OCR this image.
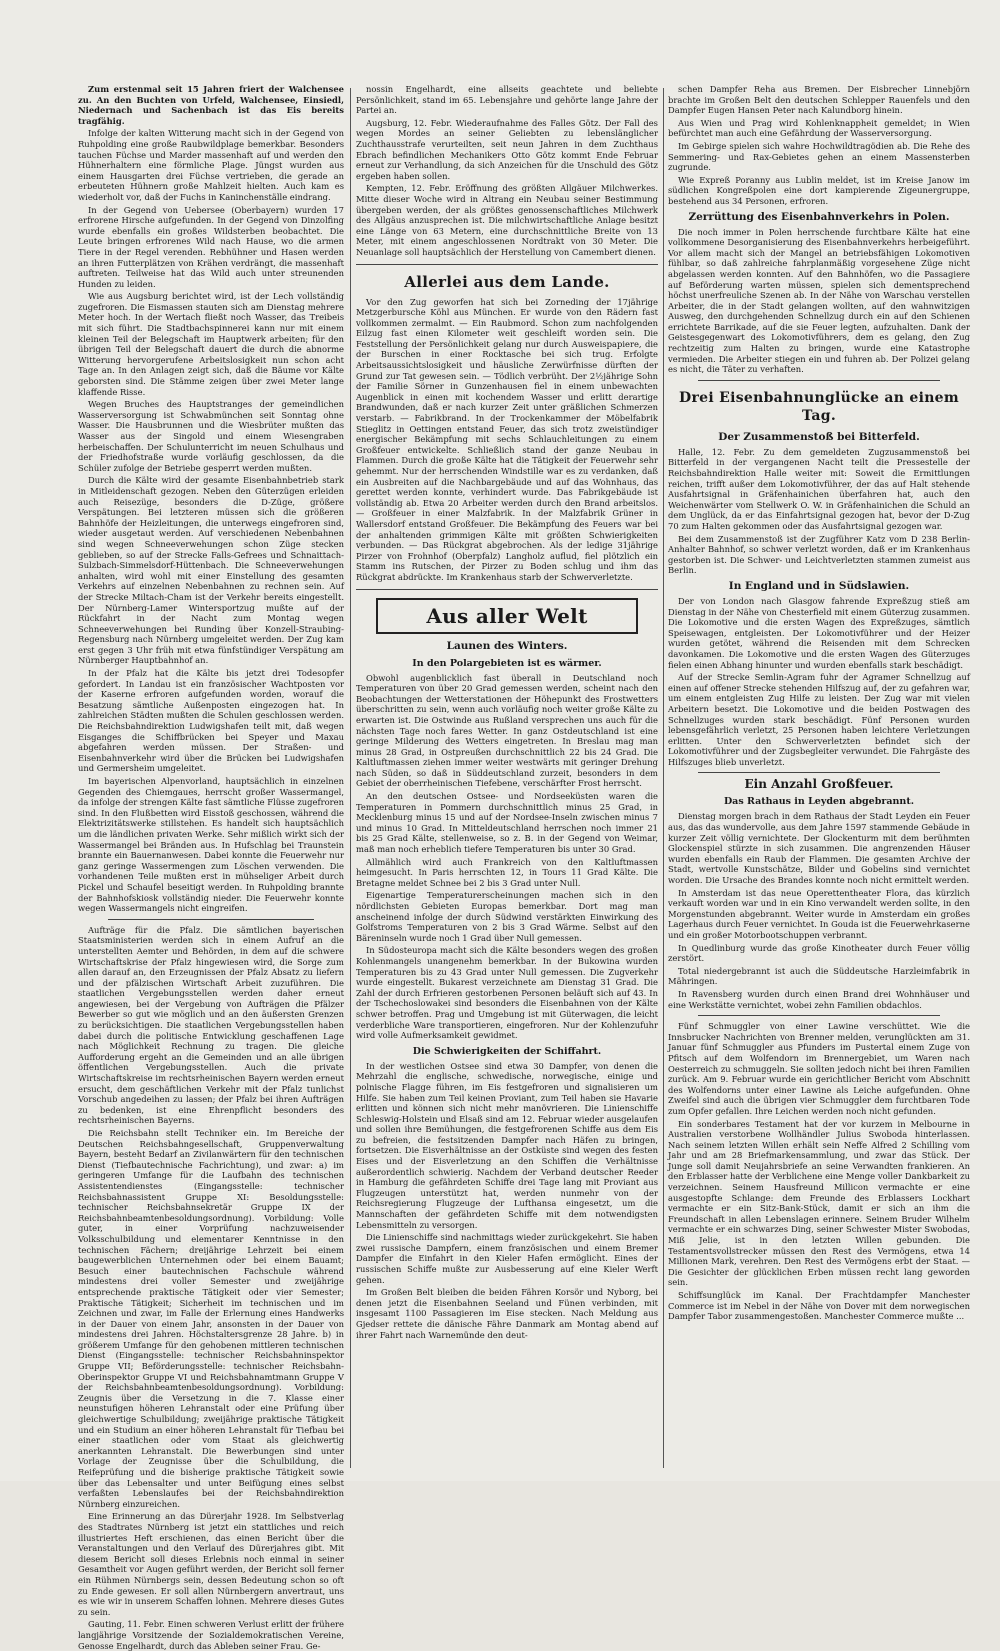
Zum erstenmal seit 15 Jahren friert der Walchensee zu. An den Buchten von Urfeld, Walchensee, Einsiedl, Niedernach und Sachenbach ist das Eis bereits tragfähig.

Infolge der kalten Witterung macht sich in der Gegend von Ruhpolding eine große Raubwildplage bemerkbar. Besonders tauchen Füchse und Marder massenhaft auf und werden den Hühnerhaltern eine förmliche Plage. Jüngst wurden aus einem Hausgarten drei Füchse vertrieben, die gerade an erbeuteten Hühnern große Mahlzeit hielten. Auch kam es wiederholt vor, daß der Fuchs in Kaninchenställe eindrang.

In der Gegend von Uebersee (Oberbayern) wurden 17 erfrorene Hirsche aufgefunden. In der Gegend von Dinzolfing wurde ebenfalls ein großes Wildsterben beobachtet. Die Leute bringen erfrorenes Wild nach Hause, wo die armen Tiere in der Regel verenden. Rebhühner und Hasen werden an ihren Futterplätzen von Krähen verdrängt, die massenhaft auftreten. Teilweise hat das Wild auch unter streunenden Hunden zu leiden.

Wie aus Augsburg berichtet wird, ist der Lech vollständig zugefroren. Die Eismassen stauten sich am Dienstag mehrere Meter hoch. In der Wertach fließt noch Wasser, das Treibeis mit sich führt. Die Stadtbachspinnerei kann nur mit einem kleinen Teil der Belegschaft im Hauptwerk arbeiten; für den übrigen Teil der Belegschaft dauert die durch die abnorme Witterung hervorgerufene Arbeitslosigkeit nun schon acht Tage an. In den Anlagen zeigt sich, daß die Bäume vor Kälte geborsten sind. Die Stämme zeigen über zwei Meter lange klaffende Risse.

Wegen Bruches des Hauptstranges der gemeindlichen Wasserversorgung ist Schwabmünchen seit Sonntag ohne Wasser. Die Hausbrunnen und die Wiesbrüter mußten das Wasser aus der Singold und einem Wiesengraben herbeischaffen. Der Schulunterricht im neuen Schulhaus und der Friedhofstraße wurde vorläufig geschlossen, da die Schüler zufolge der Betriebe gesperrt werden mußten.

Durch die Kälte wird der gesamte Eisenbahnbetrieb stark in Mitleidenschaft gezogen. Neben den Güterzügen erleiden auch Reisezüge, besonders die D-Züge, größere Verspätungen. Bei letzteren müssen sich die größeren Bahnhöfe der Heizleitungen, die unterwegs eingefroren sind, wieder ausgetaut werden. Auf verschiedenen Nebenbahnen sind wegen Schneeverwehungen schon Züge stecken geblieben, so auf der Strecke Falls-Gefrees und Schnaittach-Sulzbach-Simmelsdorf-Hüttenbach. Die Schneeverwehungen anhalten, wird wohl mit einer Einstellung des gesamten Verkehrs auf einzelnen Nebenbahnen zu rechnen sein. Auf der Strecke Miltach-Cham ist der Verkehr bereits eingestellt. Der Nürnberg-Lamer Wintersportzug mußte auf der Rückfahrt in der Nacht zum Montag wegen Schneeverwehungen bei Runding über Konzell-Straubing-Regensburg nach Nürnberg umgeleitet werden. Der Zug kam erst gegen 3 Uhr früh mit etwa fünfstündiger Verspätung am Nürnberger Hauptbahnhof an.

In der Pfalz hat die Kälte bis jetzt drei Todesopfer gefordert. In Landau ist ein französischer Wachtposten vor der Kaserne erfroren aufgefunden worden, worauf die Besatzung sämtliche Außenposten eingezogen hat. In zahlreichen Städten mußten die Schulen geschlossen werden. Die Reichsbahndirektion Ludwigshafen teilt mit, daß wegen Eisganges die Schiffbrücken bei Speyer und Maxau abgefahren werden müssen. Der Straßen- und Eisenbahnverkehr wird über die Brücken bei Ludwigshafen und Germersheim umgeleitet.

Im bayerischen Alpenvorland, hauptsächlich in einzelnen Gegenden des Chiemgaues, herrscht großer Wassermangel, da infolge der strengen Kälte fast sämtliche Flüsse zugefroren sind. In den Flußbetten wird Eisstoß geschossen, während die Elektrizitätswerke stillstehen. Es handelt sich hauptsächlich um die ländlichen privaten Werke. Sehr mißlich wirkt sich der Wassermangel bei Bränden aus. In Hufschlag bei Traunstein brannte ein Bauernanwesen. Dabei konnte die Feuerwehr nur ganz geringe Wassermengen zum Löschen verwenden. Die vorhandenen Teile mußten erst in mühseliger Arbeit durch Pickel und Schaufel beseitigt werden. In Ruhpolding brannte der Bahnhofskiosk vollständig nieder. Die Feuerwehr konnte wegen Wassermangels nicht eingreifen.

Aufträge für die Pfalz. Die sämtlichen bayerischen Staatsministerien werden sich in einem Aufruf an die unterstellten Aemter und Behörden, in dem auf die schwere Wirtschaftskrise der Pfalz hingewiesen wird, die Sorge zum allen darauf an, den Erzeugnissen der Pfalz Absatz zu liefern und der pfälzischen Wirtschaft Arbeit zuzuführen. Die staatlichen Vergebungsstellen werden daher erneut angewiesen, bei der Vergebung von Aufträgen die Pfälzer Bewerber so gut wie möglich und an den äußersten Grenzen zu berücksichtigen. Die staatlichen Vergebungsstellen haben dabei durch die politische Entwicklung geschaffenen Lage nach Möglichkeit Rechnung zu tragen. Die gleiche Aufforderung ergeht an die Gemeinden und an alle übrigen öffentlichen Vergebungsstellen. Auch die private Wirtschaftskreise im rechtsrheinischen Bayern werden erneut ersucht, dem geschäftlichen Verkehr mit der Pfalz tunlichst Vorschub angedeihen zu lassen; der Pfalz bei ihren Aufträgen zu bedenken, ist eine Ehrenpflicht besonders des rechtsrheinischen Bayerns.

Die Reichsbahn stellt Techniker ein. Im Bereiche der Deutschen Reichsbahngesellschaft, Gruppenverwaltung Bayern, besteht Bedarf an Zivilanwärtern für den technischen Dienst (Tiefbautechnische Fachrichtung), und zwar: a) im geringeren Umfange für die Laufbahn des technischen Assistentendienstes (Eingangsstelle: technischer Reichsbahnassistent Gruppe XI: Besoldungsstelle: technischer Reichsbahnsekretär Gruppe IX der Reichsbahnbeamtenbesoldungsordnung). Vorbildung: Volle guter, in einer Vorprüfung nachzuweisender Volksschulbildung und elementarer Kenntnisse in den technischen Fächern; dreijährige Lehrzeit bei einem baugewerblichen Unternehmen oder bei einem Bauamt; Besuch einer bautechnischen Fachschule während mindestens drei voller Semester und zweijährige entsprechende praktische Tätigkeit oder vier Semester; Praktische Tätigkeit; Sicherheit im technischen und im Zeichnen und zwar, im Falle der Erlernung eines Handwerks in der Dauer von einem Jahr, ansonsten in der Dauer von mindestens drei Jahren. Höchstaltersgrenze 28 Jahre. b) in größerem Umfange für den gehobenen mittleren technischen Dienst (Eingangsstelle: technischer Reichsbahninspektor Gruppe VII; Beförderungsstelle: technischer Reichsbahn-Oberinspektor Gruppe VI und Reichsbahnamtmann Gruppe V der Reichsbahnbeamtenbesoldungsordnung). Vorbildung: Zeugnis über die Versetzung in die 7. Klasse einer neunstufigen höheren Lehranstalt oder eine Prüfung über gleichwertige Schulbildung; zweijährige praktische Tätigkeit und ein Studium an einer höheren Lehranstalt für Tiefbau bei einer staatlichen oder vom Staat als gleichwertig anerkannten Lehranstalt. Die Bewerbungen sind unter Vorlage der Zeugnisse über die Schulbildung, die Reifeprüfung und die bisherige praktische Tätigkeit sowie über das Lebensalter und unter Beifügung eines selbst verfaßten Lebenslaufes bei der Reichsbahndirektion Nürnberg einzureichen.

Eine Erinnerung an das Dürerjahr 1928. Im Selbstverlag des Stadtrates Nürnberg ist jetzt ein stattliches und reich illustriertes Heft erschienen, das einen Bericht über die Veranstaltungen und den Verlauf des Dürerjahres gibt. Mit diesem Bericht soll dieses Erlebnis noch einmal in seiner Gesamtheit vor Augen geführt werden, der Bericht soll ferner ein Rühmen Nürnbergs sein, dessen Bedeutung schon so oft zu Ende gewesen. Er soll allen Nürnbergern anvertraut, uns es wie wir in unserem Schaffen lohnen. Mehrere dieses Gutes zu sein.

Gauting, 11. Febr. Einen schweren Verlust erlitt der frühere langjährige Vorsitzende der Sozialdemokratischen Vereine, Genosse Engelhardt, durch das Ableben seiner Frau. Ge-

nossin Engelhardt, eine allseits geachtete und beliebte Persönlichkeit, stand im 65. Lebensjahre und gehörte lange Jahre der Partei an.

Augsburg, 12. Febr. Wiederaufnahme des Falles Götz. Der Fall des wegen Mordes an seiner Geliebten zu lebenslänglicher Zuchthausstrafe verurteilten, seit neun Jahren in dem Zuchthaus Ebrach befindlichen Mechanikers Otto Götz kommt Ende Februar erneut zur Verhandlung, da sich Anzeichen für die Unschuld des Götz ergeben haben sollen.

Kempten, 12. Febr. Eröffnung des größten Allgäuer Milchwerkes. Mitte dieser Woche wird in Altrang ein Neubau seiner Bestimmung übergeben werden, der als größtes genossenschaftliches Milchwerk des Allgäus anzusprechen ist. Die milchwirtschaftliche Anlage besitzt eine Länge von 63 Metern, eine durchschnittliche Breite von 13 Meter, mit einem angeschlossenen Nordtrakt von 30 Meter. Die Neuanlage soll hauptsächlich der Herstellung von Camembert dienen.

Allerlei aus dem Lande.

Vor den Zug geworfen hat sich bei Zorneding der 17jährige Metzgerbursche Köhl aus München. Er wurde von den Rädern fast vollkommen zermalmt. — Ein Raubmord. Schon zum nachfolgenden Eilzug fast einen Kilometer weit geschleift worden sein. Die Feststellung der Persönlichkeit gelang nur durch Ausweispapiere, die der Burschen in einer Rocktasche bei sich trug. Erfolgte Arbeitsaussichtslosigkeit und häusliche Zerwürfnisse dürften der Grund zur Tat gewesen sein. — Tödlich verbrüht. Der 2½jährige Sohn der Familie Sörner in Gunzenhausen fiel in einem unbewachten Augenblick in einen mit kochendem Wasser und erlitt derartige Brandwunden, daß er nach kurzer Zeit unter gräßlichen Schmerzen verstarb. — Fabrikbrand. In der Trockenkammer der Möbelfabrik Stieglitz in Oettingen entstand Feuer, das sich trotz zweistündiger energischer Bekämpfung mit sechs Schlauchleitungen zu einem Großfeuer entwickelte. Schließlich stand der ganze Neubau in Flammen. Durch die große Kälte hat die Tätigkeit der Feuerwehr sehr gehemmt. Nur der herrschenden Windstille war es zu verdanken, daß ein Ausbreiten auf die Nachbargebäude und auf das Wohnhaus, das gerettet werden konnte, verhindert wurde. Das Fabrikgebäude ist vollständig ab. Etwa 20 Arbeiter werden durch den Brand arbeitslos. — Großfeuer in einer Malzfabrik. In der Malzfabrik Grüner in Wallersdorf entstand Großfeuer. Die Bekämpfung des Feuers war bei der anhaltenden grimmigen Kälte mit größten Schwierigkeiten verbunden. — Das Rückgrat abgebrochen. Als der ledige 31jährige Pirzer von Frohnhof (Oberpfalz) Langholz auflud, fiel plötzlich ein Stamm ins Rutschen, der Pirzer zu Boden schlug und ihm das Rückgrat abdrückte. Im Krankenhaus starb der Schwerverletzte.

Aus aller Welt
Launen des Winters.
In den Polargebieten ist es wärmer.

Obwohl augenblicklich fast überall in Deutschland noch Temperaturen von über 20 Grad gemessen werden, scheint nach den Beobachtungen der Wetterstationen der Höhepunkt des Frostwetters überschritten zu sein, wenn auch vorläufig noch weiter große Kälte zu erwarten ist. Die Ostwinde aus Rußland versprechen uns auch für die nächsten Tage noch fares Wetter. In ganz Ostdeutschland ist eine geringe Milderung des Wetters eingetreten. In Breslau mag man minus 28 Grad, in Ostpreußen durchschnittlich 22 bis 24 Grad. Die Kaltluftmassen ziehen immer weiter westwärts mit geringer Drehung nach Süden, so daß in Süddeutschland zurzeit, besonders in dem Gebiet der oberrheinischen Tiefebene, verschärfter Frost herrscht.

An den deutschen Ostsee- und Nordseeküsten waren die Temperaturen in Pommern durchschnittlich minus 25 Grad, in Mecklenburg minus 15 und auf der Nordsee-Inseln zwischen minus 7 und minus 10 Grad. In Mitteldeutschland herrschen noch immer 21 bis 25 Grad Kälte, stellenweise, so z. B. in der Gegend von Weimar, maß man noch erheblich tiefere Temperaturen bis unter 30 Grad.

Allmählich wird auch Frankreich von den Kaltluftmassen heimgesucht. In Paris herrschten 12, in Tours 11 Grad Kälte. Die Bretagne meldet Schnee bei 2 bis 3 Grad unter Null.

Eigenartige Temperaturerscheinungen machen sich in den nördlichsten Gebieten Europas bemerkbar. Dort mag man anscheinend infolge der durch Südwind verstärkten Einwirkung des Golfstroms Temperaturen von 2 bis 3 Grad Wärme. Selbst auf den Bäreninseln wurde noch 1 Grad über Null gemessen.

In Südosteuropa macht sich die Kälte besonders wegen des großen Kohlenmangels unangenehm bemerkbar. In der Bukowina wurden Temperaturen bis zu 43 Grad unter Null gemessen. Die Zugverkehr wurde eingestellt. Bukarest verzeichnete am Dienstag 31 Grad. Die Zahl der durch Erfrieren gestorbenen Personen beläuft sich auf 43. In der Tschechoslowakei sind besonders die Eisenbahnen von der Kälte schwer betroffen. Prag und Umgebung ist mit Güterwagen, die leicht verderbliche Ware transportieren, eingefroren. Nur der Kohlenzufuhr wird volle Aufmerksamkeit gewidmet.

Die Schwierigkeiten der Schiffahrt.

In der westlichen Ostsee sind etwa 30 Dampfer, von denen die Mehrzahl die englische, schwedische, norwegische, einige und polnische Flagge führen, im Eis festgefroren und signalisieren um Hilfe. Sie haben zum Teil keinen Proviant, zum Teil haben sie Havarie erlitten und können sich nicht mehr manövrieren. Die Linienschiffe Schleswig-Holstein und Elsaß sind am 12. Februar wieder ausgelaufen und sollen ihre Bemühungen, die festgefrorenen Schiffe aus dem Eis zu befreien, die festsitzenden Dampfer nach Häfen zu bringen, fortsetzen. Die Eisverhältnisse an der Ostküste sind wegen des festen Eises und der Eisverletzung an den Schiffen die Verhältnisse außerordentlich schwierig. Nachdem der Verband deutscher Reeder in Hamburg die gefährdeten Schiffe drei Tage lang mit Proviant aus Flugzeugen unterstützt hat, werden nunmehr von der Reichsregierung Flugzeuge der Lufthansa eingesetzt, um die Mannschaften der gefährdeten Schiffe mit dem notwendigsten Lebensmitteln zu versorgen.

Die Linienschiffe sind nachmittags wieder zurückgekehrt. Sie haben zwei russische Dampfern, einem französischen und einem Bremer Dampfer die Einfahrt in den Kieler Hafen ermöglicht. Eines der russischen Schiffe mußte zur Ausbesserung auf eine Kieler Werft gehen.

Im Großen Belt bleiben die beiden Fähren Korsör und Nyborg, bei denen jetzt die Eisenbahnen Seeland und Fünen verbinden, mit insgesamt 1100 Passagieren im Eise stecken. Nach Meldung aus Gjedser rettete die dänische Fähre Danmark am Montag abend auf ihrer Fahrt nach Warnemünde den deut-

schen Dampfer Reha aus Bremen. Der Eisbrecher Linnebjörn brachte im Großen Belt den deutschen Schlepper Rauenfels und den Dampfer Eugen Hansen Peter nach Kalundborg hinein.

Aus Wien und Prag wird Kohlenknappheit gemeldet; in Wien befürchtet man auch eine Gefährdung der Wasserversorgung.

Im Gebirge spielen sich wahre Hochwildtragödien ab. Die Rehe des Semmering- und Rax-Gebietes gehen an einem Massensterben zugrunde.

Wie Expreß Poranny aus Lublin meldet, ist im Kreise Janow im südlichen Kongreßpolen eine dort kampierende Zigeunergruppe, bestehend aus 34 Personen, erfroren.

Zerrüttung des Eisenbahnverkehrs in Polen.

Die noch immer in Polen herrschende furchtbare Kälte hat eine vollkommene Desorganisierung des Eisenbahnverkehrs herbeigeführt. Vor allem macht sich der Mangel an betriebsfähigen Lokomotiven fühlbar, so daß zahlreiche fahrplanmäßig vorgesehene Züge nicht abgelassen werden konnten. Auf den Bahnhöfen, wo die Passagiere auf Beförderung warten müssen, spielen sich dementsprechend höchst unerfreuliche Szenen ab. In der Nähe von Warschau verstellen Arbeiter, die in der Stadt gelangen wollten, auf den wahnwitzigen Ausweg, den durchgehenden Schnellzug durch ein auf den Schienen errichtete Barrikade, auf die sie Feuer legten, aufzuhalten. Dank der Geistesgegenwart des Lokomotivführers, dem es gelang, den Zug rechtzeitig zum Halten zu bringen, wurde eine Katastrophe vermieden. Die Arbeiter stiegen ein und fuhren ab. Der Polizei gelang es nicht, die Täter zu verhaften.

Drei Eisenbahnunglücke an einem Tag.
Der Zusammenstoß bei Bitterfeld.

Halle, 12. Febr. Zu dem gemeldeten Zugzusammenstoß bei Bitterfeld in der vergangenen Nacht teilt die Pressestelle der Reichsbahndirektion Halle weiter mit: Soweit die Ermittlungen reichen, trifft außer dem Lokomotivführer, der das auf Halt stehende Ausfahrtsignal in Gräfenhainichen überfahren hat, auch den Weichenwärter vom Stellwerk O. W. in Gräfenhainichen die Schuld an dem Unglück, da er das Einfahrtsignal gezogen hat, bevor der D-Zug 70 zum Halten gekommen oder das Ausfahrtsignal gezogen war.

Bei dem Zusammenstoß ist der Zugführer Katz vom D 238 Berlin-Anhalter Bahnhof, so schwer verletzt worden, daß er im Krankenhaus gestorben ist. Die Schwer- und Leichtverletzten stammen zumeist aus Berlin.

In England und in Südslawien.

Der von London nach Glasgow fahrende Expreßzug stieß am Dienstag in der Nähe von Chesterfield mit einem Güterzug zusammen. Die Lokomotive und die ersten Wagen des Expreßzuges, sämtlich Speisewagen, entgleisten. Der Lokomotivführer und der Heizer wurden getötet, während die Reisenden mit dem Schrecken davonkamen. Die Lokomotive und die ersten Wagen des Güterzuges fielen einen Abhang hinunter und wurden ebenfalls stark beschädigt.

Auf der Strecke Semlin-Agram fuhr der Agramer Schnellzug auf einen auf offener Strecke stehenden Hilfszug auf, der zu gefahren war, um einem entgleisten Zug Hilfe zu leisten. Der Zug war mit vielen Arbeitern besetzt. Die Lokomotive und die beiden Postwagen des Schnellzuges wurden stark beschädigt. Fünf Personen wurden lebensgefährlich verletzt, 25 Personen haben leichtere Verletzungen erlitten. Unter den Schwerverletzten befindet sich der Lokomotivführer und der Zugsbegleiter verwundet. Die Fahrgäste des Hilfszuges blieb unverletzt.

Ein Anzahl Großfeuer.
Das Rathaus in Leyden abgebrannt.

Dienstag morgen brach in dem Rathaus der Stadt Leyden ein Feuer aus, das das wundervolle, aus dem Jahre 1597 stammende Gebäude in kurzer Zeit völlig vernichtete. Der Glockenturm mit dem berühmten Glockenspiel stürzte in sich zusammen. Die angrenzenden Häuser wurden ebenfalls ein Raub der Flammen. Die gesamten Archive der Stadt, wertvolle Kunstschätze, Bilder und Gobelins sind vernichtet worden. Die Ursache des Brandes konnte noch nicht ermittelt werden.

In Amsterdam ist das neue Operettentheater Flora, das kürzlich verkauft worden war und in ein Kino verwandelt werden sollte, in den Morgenstunden abgebrannt. Weiter wurde in Amsterdam ein großes Lagerhaus durch Feuer vernichtet. In Gouda ist die Feuerwehrkaserne und ein großer Motorbootschuppen verbrannt.

In Quedlinburg wurde das große Kinotheater durch Feuer völlig zerstört.

Total niedergebrannt ist auch die Süddeutsche Harzleimfabrik in Mähringen.

In Ravensberg wurden durch einen Brand drei Wohnhäuser und eine Werkstätte vernichtet, wobei zehn Familien obdachlos.

Fünf Schmuggler von einer Lawine verschüttet. Wie die Innsbrucker Nachrichten von Brenner melden, verunglückten am 31. Januar fünf Schmuggler aus Pfunders im Pustertal einem Zuge von Pfitsch auf dem Wolfendorn im Brennergebiet, um Waren nach Oesterreich zu schmuggeln. Sie sollten jedoch nicht bei ihren Familien zurück. Am 9. Februar wurde ein gerichtlicher Bericht vom Abschnitt des Wolfendorns unter einer Lawine als Leiche aufgefunden. Ohne Zweifel sind auch die übrigen vier Schmuggler dem furchtbaren Tode zum Opfer gefallen. Ihre Leichen werden noch nicht gefunden.

Ein sonderbares Testament hat der vor kurzem in Melbourne in Australien verstorbene Wollhändler Julius Swoboda hinterlassen. Nach seinem letzten Willen erhält sein Neffe Alfred 2 Schilling vom Jahr und am 28 Briefmarkensammlung, und zwar das Stück. Der Junge soll damit Neujahrsbriefe an seine Verwandten frankieren. An den Erblasser hatte der Verblichene eine Menge voller Dankbarkeit zu verzeichnen. Seinem Hausfreund Millicon vermachte er eine ausgestopfte Schlange: dem Freunde des Erblassers Lockhart vermachte er ein Sitz-Bank-Stück, damit er sich an ihm die Freundschaft in allen Lebenslagen erinnere. Seinem Bruder Wilhelm vermachte er ein schwarzes Ding, seiner Schwester Mister Swobodas, Miß Jelie, ist in den letzten Willen gebunden. Die Testamentsvollstrecker müssen den Rest des Vermögens, etwa 14 Millionen Mark, verehren. Den Rest des Vermögens erbt der Staat. — Die Gesichter der glücklichen Erben müssen recht lang geworden sein.

Schiffsunglück im Kanal. Der Frachtdampfer Manchester Commerce ist im Nebel in der Nähe von Dover mit dem norwegischen Dampfer Tabor zusammengestoßen. Manchester Commerce mußte ...
